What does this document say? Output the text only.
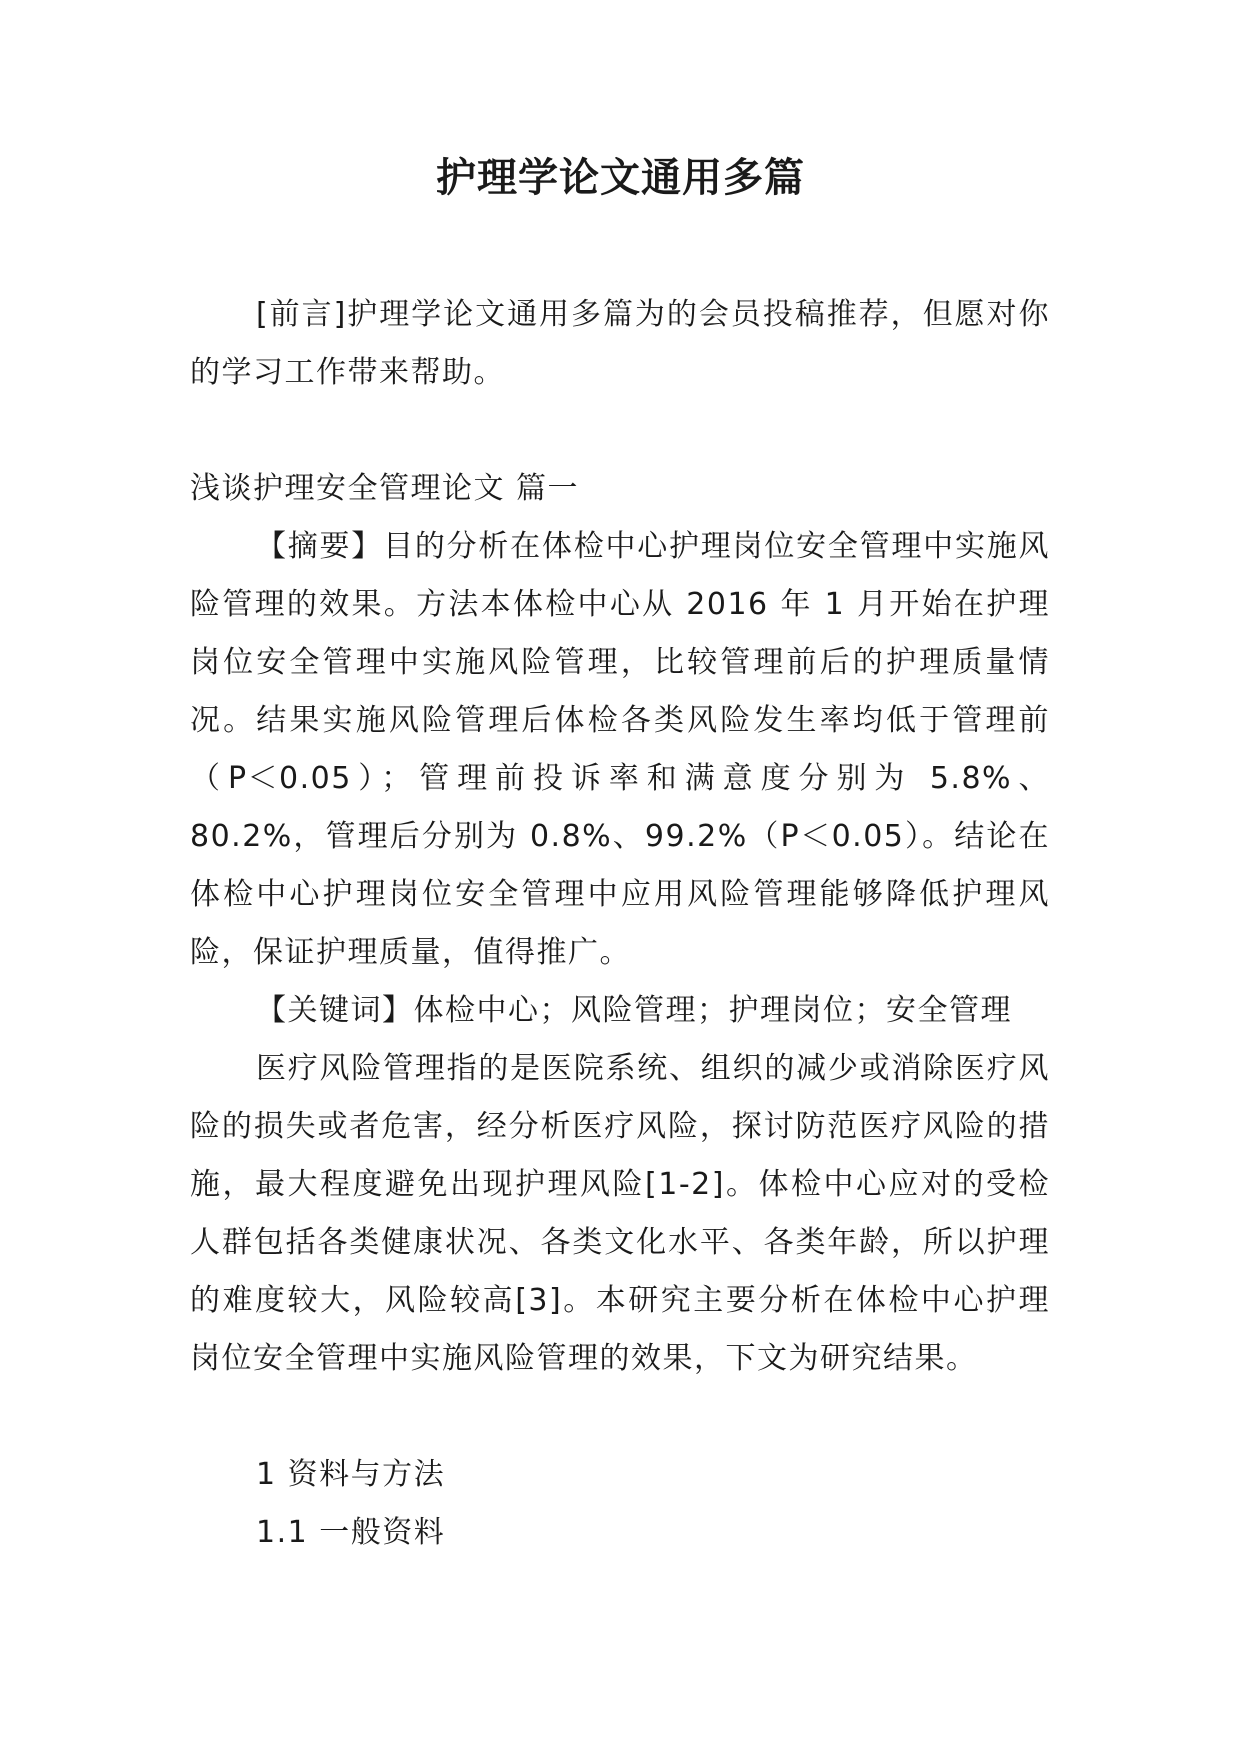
护理学论文通用多篇

[前言]护理学论文通用多篇为的会员投稿推荐，但愿对你的学习工作带来帮助。

浅谈护理安全管理论文 篇一

【摘要】目的分析在体检中心护理岗位安全管理中实施风险管理的效果。方法本体检中心从 2016 年 1 月开始在护理岗位安全管理中实施风险管理，比较管理前后的护理质量情况。结果实施风险管理后体检各类风险发生率均低于管理前（P＜0.05）；管理前投诉率和满意度分别为 5.8%、80.2%，管理后分别为 0.8%、99.2%（P＜0.05）。结论在体检中心护理岗位安全管理中应用风险管理能够降低护理风险，保证护理质量，值得推广。

【关键词】体检中心；风险管理；护理岗位；安全管理

医疗风险管理指的是医院系统、组织的减少或消除医疗风险的损失或者危害，经分析医疗风险，探讨防范医疗风险的措施，最大程度避免出现护理风险[1-2]。体检中心应对的受检人群包括各类健康状况、各类文化水平、各类年龄，所以护理的难度较大，风险较高[3]。本研究主要分析在体检中心护理岗位安全管理中实施风险管理的效果，下文为研究结果。

1 资料与方法

1.1 一般资料
